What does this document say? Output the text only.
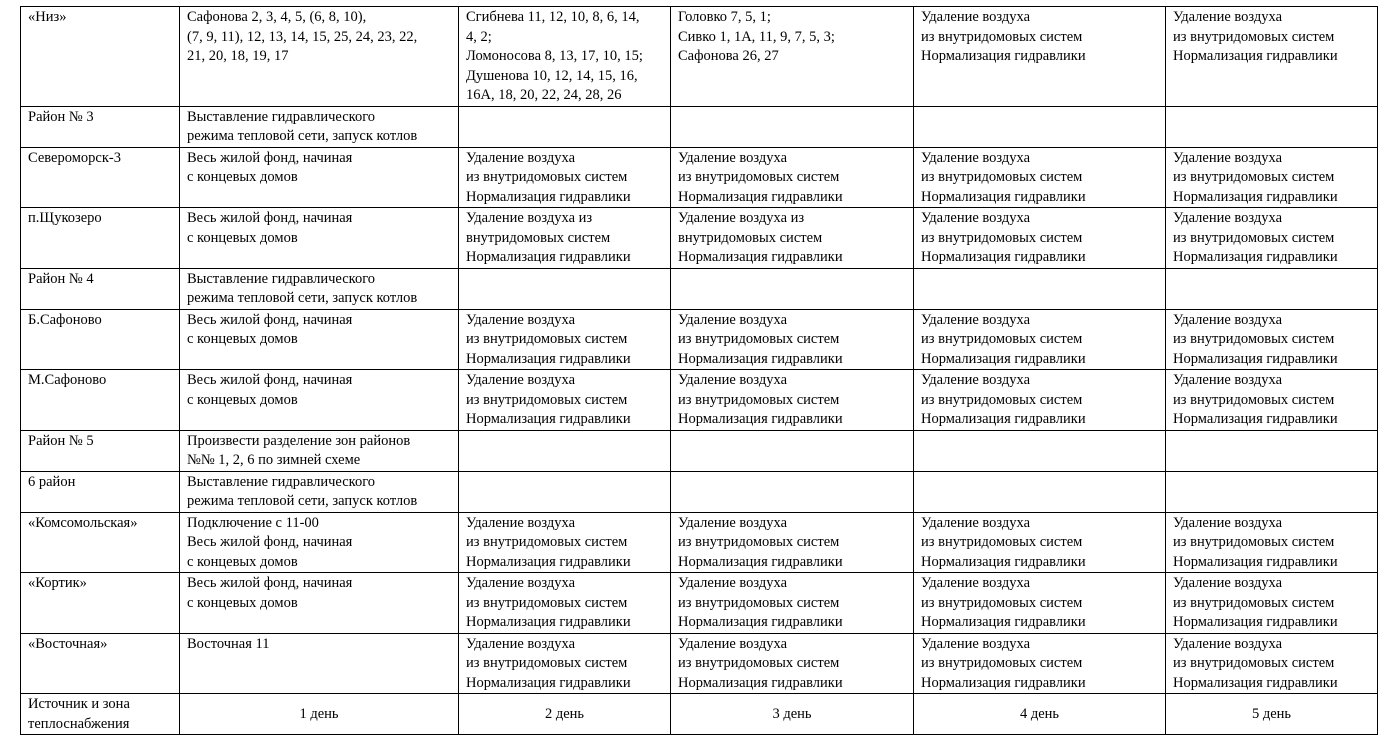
«Низ»	Сафонова 2, 3, 4, 5, (6, 8, 10),
(7, 9, 11), 12, 13, 14, 15, 25, 24, 23, 22,
21, 20, 18, 19, 17	Сгибнева 11, 12, 10, 8, 6, 14,
4, 2;
Ломоносова 8, 13, 17, 10, 15;
Душенова 10, 12, 14, 15, 16,
16А, 18, 20, 22, 24, 28, 26	Головко 7, 5, 1;
Сивко 1, 1А, 11, 9, 7, 5, 3;
Сафонова 26, 27	Удаление воздуха
из внутридомовых систем
Нормализация гидравлики	Удаление воздуха
из внутридомовых систем
Нормализация гидравлики
Район № 3	Выставление гидравлического
режима тепловой сети, запуск котлов				
Североморск-3	Весь жилой фонд, начиная
с концевых домов	Удаление воздуха
из внутридомовых систем
Нормализация гидравлики	Удаление воздуха
из внутридомовых систем
Нормализация гидравлики	Удаление воздуха
из внутридомовых систем
Нормализация гидравлики	Удаление воздуха
из внутридомовых систем
Нормализация гидравлики
п.Щукозеро	Весь жилой фонд, начиная
с концевых домов	Удаление воздуха из
внутридомовых систем
Нормализация гидравлики	Удаление воздуха из
внутридомовых систем
Нормализация гидравлики	Удаление воздуха
из внутридомовых систем
Нормализация гидравлики	Удаление воздуха
из внутридомовых систем
Нормализация гидравлики
Район № 4	Выставление гидравлического
режима тепловой сети, запуск котлов				
Б.Сафоново	Весь жилой фонд, начиная
с концевых домов	Удаление воздуха
из внутридомовых систем
Нормализация гидравлики	Удаление воздуха
из внутридомовых систем
Нормализация гидравлики	Удаление воздуха
из внутридомовых систем
Нормализация гидравлики	Удаление воздуха
из внутридомовых систем
Нормализация гидравлики
М.Сафоново	Весь жилой фонд, начиная
с концевых домов	Удаление воздуха
из внутридомовых систем
Нормализация гидравлики	Удаление воздуха
из внутридомовых систем
Нормализация гидравлики	Удаление воздуха
из внутридомовых систем
Нормализация гидравлики	Удаление воздуха
из внутридомовых систем
Нормализация гидравлики
Район № 5	Произвести разделение зон районов
№№ 1, 2, 6 по зимней схеме				
6 район	Выставление гидравлического
режима тепловой сети, запуск котлов				
«Комсомольская»	Подключение с 11-00
Весь жилой фонд, начиная
с концевых домов	Удаление воздуха
из внутридомовых систем
Нормализация гидравлики	Удаление воздуха
из внутридомовых систем
Нормализация гидравлики	Удаление воздуха
из внутридомовых систем
Нормализация гидравлики	Удаление воздуха
из внутридомовых систем
Нормализация гидравлики
«Кортик»	Весь жилой фонд, начиная
с концевых домов	Удаление воздуха
из внутридомовых систем
Нормализация гидравлики	Удаление воздуха
из внутридомовых систем
Нормализация гидравлики	Удаление воздуха
из внутридомовых систем
Нормализация гидравлики	Удаление воздуха
из внутридомовых систем
Нормализация гидравлики
«Восточная»	Восточная 11	Удаление воздуха
из внутридомовых систем
Нормализация гидравлики	Удаление воздуха
из внутридомовых систем
Нормализация гидравлики	Удаление воздуха
из внутридомовых систем
Нормализация гидравлики	Удаление воздуха
из внутридомовых систем
Нормализация гидравлики
Источник и зона
теплоснабжения	1 день	2 день	3 день	4 день	5 день
